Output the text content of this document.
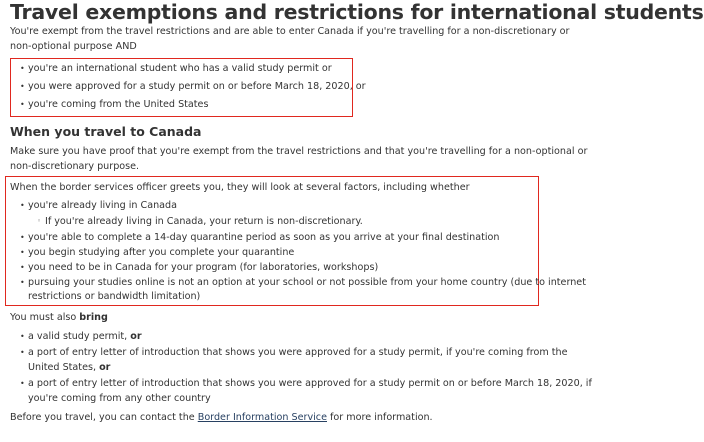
Travel exemptions and restrictions for international students
You're exempt from the travel restrictions and are able to enter Canada if you're travelling for a non-discretionary or
non-optional purpose AND
• you're an international student who has a valid study permit or
• you were approved for a study permit on or before March 18, 2020, or
• you're coming from the United States
When you travel to Canada
Make sure you have proof that you're exempt from the travel restrictions and that you're travelling for a non-optional or
non-discretionary purpose.
When the border services officer greets you, they will look at several factors, including whether
• you're already living in Canada
◦ If you're already living in Canada, your return is non-discretionary.
• you're able to complete a 14-day quarantine period as soon as you arrive at your final destination
• you begin studying after you complete your quarantine
• you need to be in Canada for your program (for laboratories, workshops)
• pursuing your studies online is not an option at your school or not possible from your home country (due to internet
restrictions or bandwidth limitation)
You must also bring
• a valid study permit, or
• a port of entry letter of introduction that shows you were approved for a study permit, if you're coming from the
United States, or
• a port of entry letter of introduction that shows you were approved for a study permit on or before March 18, 2020, if
you're coming from any other country
Before you travel, you can contact the Border Information Service for more information.
